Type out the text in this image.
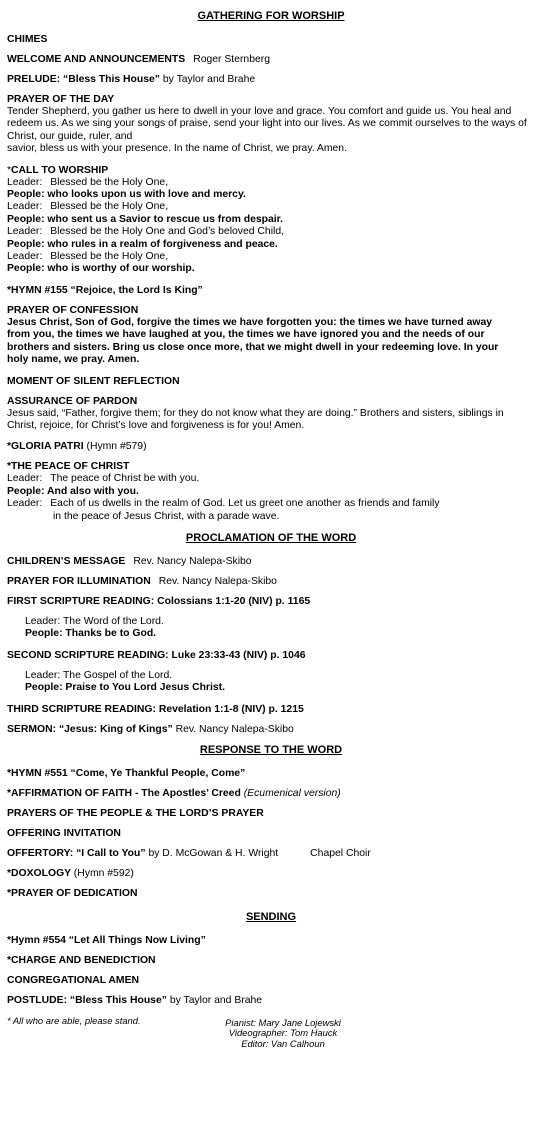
GATHERING FOR WORSHIP
CHIMES
WELCOME AND ANNOUNCEMENTS Roger Sternberg
PRELUDE: “Bless This House” by Taylor and Brahe
PRAYER OF THE DAY
Tender Shepherd, you gather us here to dwell in your love and grace. You comfort and guide us. You heal and
redeem us. As we sing your songs of praise, send your light into our lives. As we commit ourselves to the ways of
Christ, our guide, ruler, and
savior, bless us with your presence. In the name of Christ, we pray. Amen.
*CALL TO WORSHIP
Leader: Blessed be the Holy One,
People: who looks upon us with love and mercy.
Leader: Blessed be the Holy One,
People: who sent us a Savior to rescue us from despair.
Leader: Blessed be the Holy One and God’s beloved Child,
People: who rules in a realm of forgiveness and peace.
Leader: Blessed be the Holy One,
People: who is worthy of our worship.
*HYMN #155 “Rejoice, the Lord Is King”
PRAYER OF CONFESSION
Jesus Christ, Son of God, forgive the times we have forgotten you: the times we have turned away
from you, the times we have laughed at you, the times we have ignored you and the needs of our
brothers and sisters. Bring us close once more, that we might dwell in your redeeming love. In your
holy name, we pray. Amen.
MOMENT OF SILENT REFLECTION
ASSURANCE OF PARDON
Jesus said, “Father, forgive them; for they do not know what they are doing.” Brothers and sisters, siblings in
Christ, rejoice, for Christ’s love and forgiveness is for you! Amen.
*GLORIA PATRI (Hymn #579)
*THE PEACE OF CHRIST
Leader: The peace of Christ be with you.
People: And also with you.
Leader: Each of us dwells in the realm of God. Let us greet one another as friends and family
in the peace of Jesus Christ, with a parade wave.
PROCLAMATION OF THE WORD
CHILDREN’S MESSAGE Rev. Nancy Nalepa-Skibo
PRAYER FOR ILLUMINATION Rev. Nancy Nalepa-Skibo
FIRST SCRIPTURE READING: Colossians 1:1-20 (NIV) p. 1165
Leader: The Word of the Lord.
People: Thanks be to God.
SECOND SCRIPTURE READING: Luke 23:33-43 (NIV) p. 1046
Leader: The Gospel of the Lord.
People: Praise to You Lord Jesus Christ.
THIRD SCRIPTURE READING: Revelation 1:1-8 (NIV) p. 1215
SERMON: “Jesus: King of Kings” Rev. Nancy Nalepa-Skibo
RESPONSE TO THE WORD
*HYMN #551 “Come, Ye Thankful People, Come”
*AFFIRMATION OF FAITH - The Apostles’ Creed (Ecumenical version)
PRAYERS OF THE PEOPLE & THE LORD’S PRAYER
OFFERING INVITATION
OFFERTORY: “I Call to You” by D. McGowan & H. Wright	Chapel Choir
*DOXOLOGY (Hymn #592)
*PRAYER OF DEDICATION
SENDING
*Hymn #554 “Let All Things Now Living”
*CHARGE AND BENEDICTION
CONGREGATIONAL AMEN
POSTLUDE: “Bless This House” by Taylor and Brahe
* All who are able, please stand.	Pianist: Mary Jane Lojewski
Videographer: Tom Hauck
Editor: Van Calhoun
